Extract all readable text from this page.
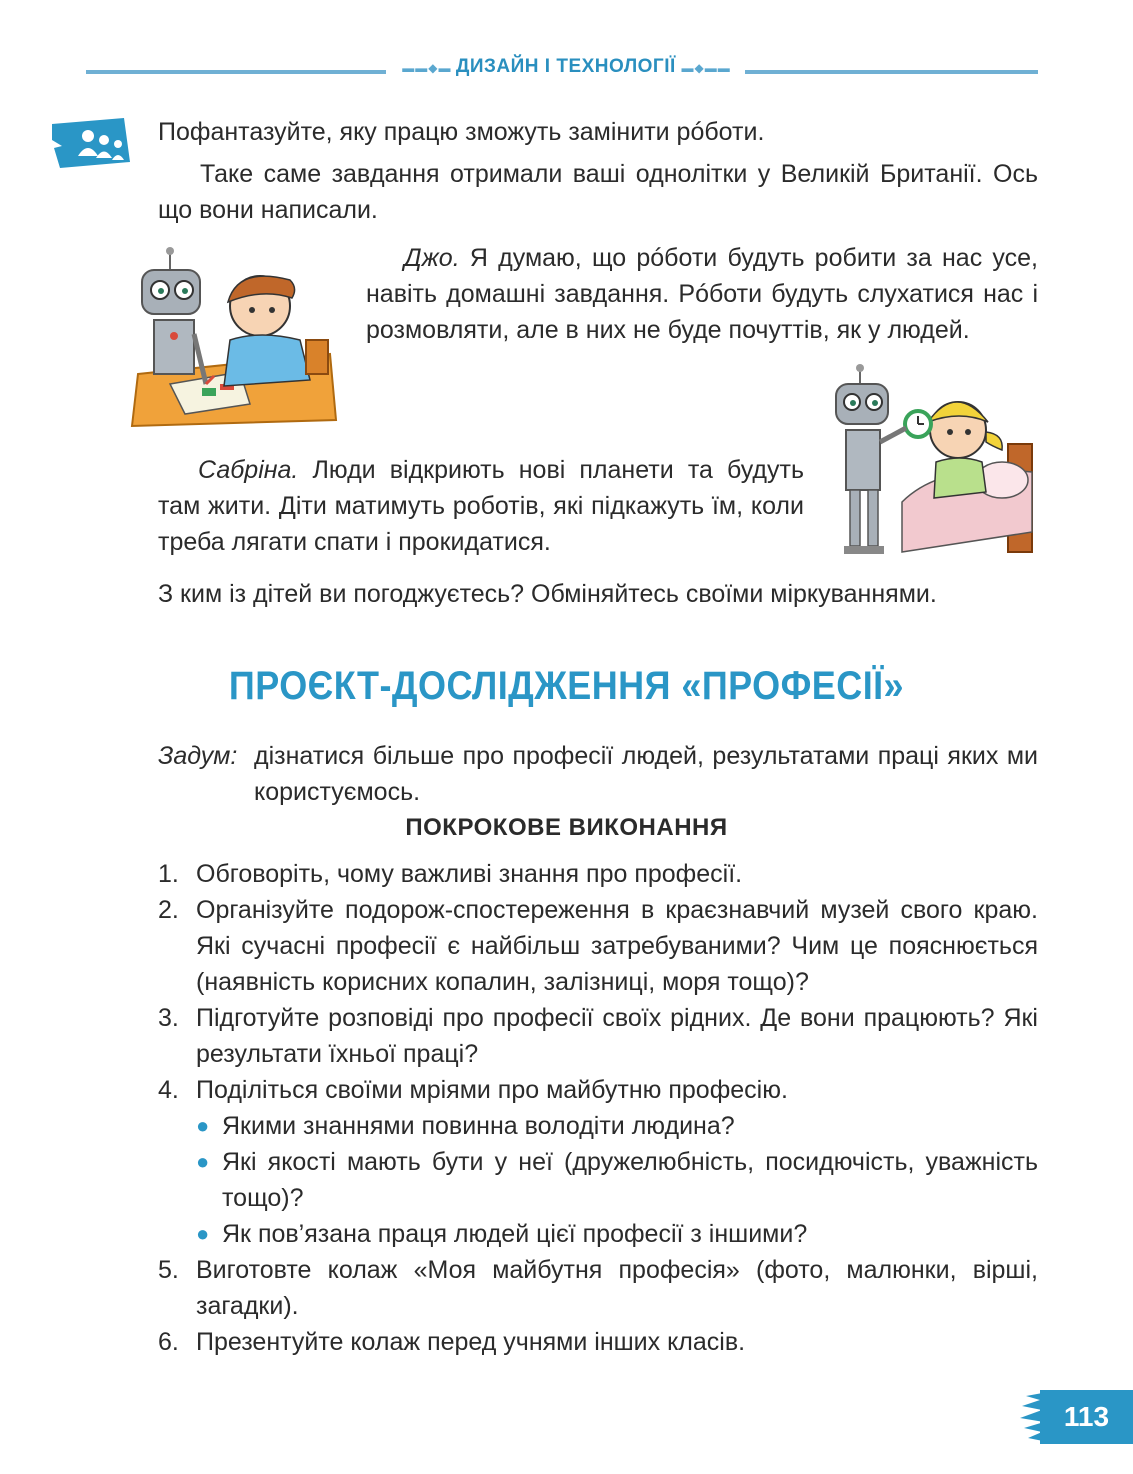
▬▬◆▬ ДИЗАЙН І ТЕХНОЛОГІЇ ▬◆▬▬

Пофантазуйте, яку працю зможуть замінити рóботи.

Таке саме завдання отримали ваші однолітки у Великій Британії. Ось що вони написали.

Джо. Я думаю, що рóботи будуть робити за нас усе, навіть домашні завдання. Рóботи будуть слухатися нас і розмовляти, але в них не буде почуттів, як у людей.

Сабріна. Люди відкриють нові планети та будуть там жити. Діти матимуть роботів, які підкажуть їм, коли треба лягати спати і прокидатися.

З ким із дітей ви погоджуєтесь? Обміняйтесь своїми міркуваннями.

ПРОЄКТ-ДОСЛІДЖЕННЯ «ПРОФЕСІЇ»
Задум: дізнатися більше про професії людей, результатами праці яких ми користуємось.
ПОКРОКОВЕ ВИКОНАННЯ
1. Обговоріть, чому важливі знання про професії.
2. Організуйте подорож-спостереження в краєзнавчий музей свого краю. Які сучасні професії є найбільш затребуваними? Чим це пояснюється (наявність корисних копалин, залізниці, моря тощо)?
3. Підготуйте розповіді про професії своїх рідних. Де вони працюють? Які результати їхньої праці?
4. Поділіться своїми мріями про майбутню професію.
● Якими знаннями повинна володіти людина?
● Які якості мають бути у неї (дружелюбність, посидючість, уважність тощо)?
● Як пов’язана праця людей цієї професії з іншими?
5. Виготовте колаж «Моя майбутня професія» (фото, малюнки, вірші, загадки).
6. Презентуйте колаж перед учнями інших класів.
113
